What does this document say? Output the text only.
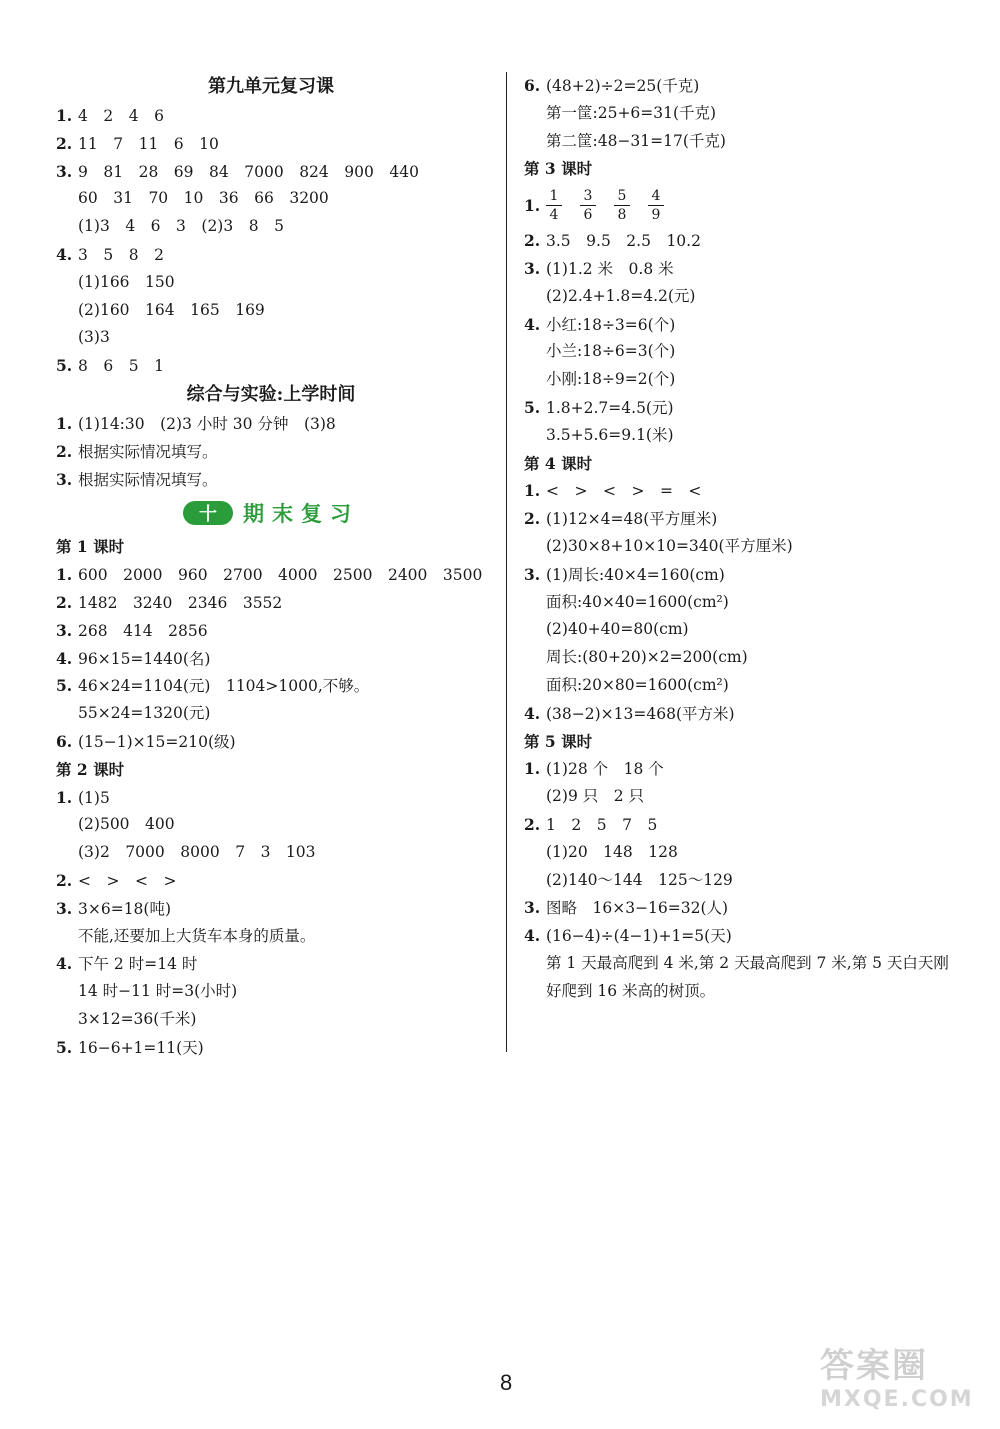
第九单元复习课
1. 4　2　4　6
2. 11　7　11　6　10
3. 9　81　28　69　84　7000　824　900　440
60　31　70　10　36　66　3200
(1)3　4　6　3　(2)3　8　5
4. 3　5　8　2
(1)166　150
(2)160　164　165　169
(3)3
5. 8　6　5　1
综合与实验:上学时间
1. (1)14:30　(2)3 小时 30 分钟　(3)8
2. 根据实际情况填写。
3. 根据实际情况填写。
十	期末复习
第 1 课时
1. 600　2000　960　2700　4000　2500　2400　3500
2. 1482　3240　2346　3552
3. 268　414　2856
4. 96×15=1440(名)
5. 46×24=1104(元)　1104>1000,不够。
55×24=1320(元)
6. (15−1)×15=210(级)
第 2 课时
1. (1)5
(2)500　400
(3)2　7000　8000　7　3　103
2. <　>　<　>
3. 3×6=18(吨)
不能,还要加上大货车本身的质量。
4. 下午 2 时=14 时
14 时−11 时=3(小时)
3×12=36(千米)
5. 16−6+1=11(天)
6. (48+2)÷2=25(千克)
第一筐:25+6=31(千克)
第二筐:48−31=17(千克)
第 3 课时
1. $\frac{1}{4} \frac{3}{6} \frac{5}{8} \frac{4}{9}$
2. 3.5　9.5　2.5　10.2
3. (1)1.2 米　0.8 米
(2)2.4+1.8=4.2(元)
4. 小红:18÷3=6(个)
小兰:18÷6=3(个)
小刚:18÷9=2(个)
5. 1.8+2.7=4.5(元)
3.5+5.6=9.1(米)
第 4 课时
1. <　>　<　>　=　<
2. (1)12×4=48(平方厘米)
(2)30×8+10×10=340(平方厘米)
3. (1)周长:40×4=160(cm)
面积:40×40=1600(cm²)
(2)40+40=80(cm)
周长:(80+20)×2=200(cm)
面积:20×80=1600(cm²)
4. (38−2)×13=468(平方米)
第 5 课时
1. (1)28 个　18 个
(2)9 只　2 只
2. 1　2　5　7　5
(1)20　148　128
(2)140～144　125～129
3. 图略　16×3−16=32(人)
4. (16−4)÷(4−1)+1=5(天)
第 1 天最高爬到 4 米,第 2 天最高爬到 7 米,第 5 天白天刚好爬到 16 米高的树顶。
8	答案圈
MXQE.COM
